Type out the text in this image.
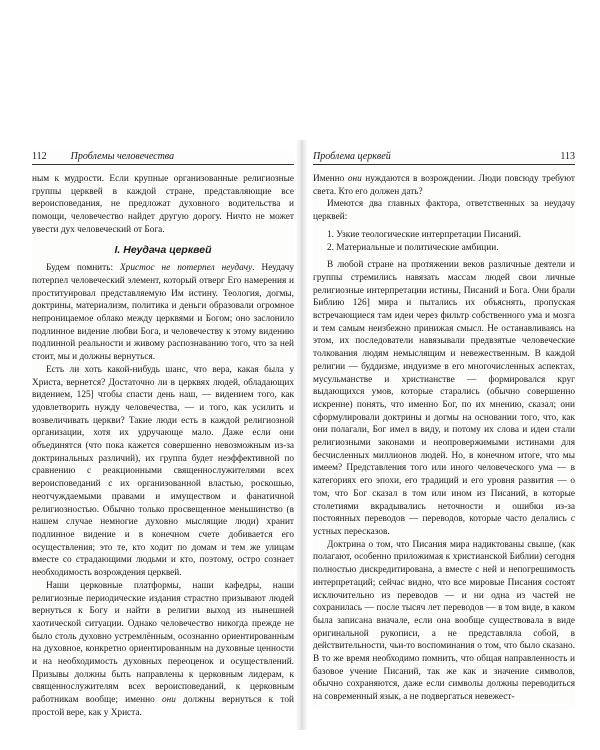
112 Проблемы человечества

ным к мудрости. Если крупные организованные религиозные группы церквей в каждой стране, представляющие все вероисповедания, не предложат духовного водительства и помощи, человечество найдет другую дорогу. Ничто не может увести дух человеческий от Бога.

I. Неудача церквей

Будем помнить: Христос не потерпел неудачу. Неудачу потерпел человеческий элемент, который отверг Его намерения и проституировал представляемую Им истину. Теология, догмы, доктрины, материализм, политика и деньги образовали огромное непроницаемое облако между церквями и Богом; оно заслонило подлинное видение любви Бога, и человечеству к этому видению подлинной реальности и живому распознаванию того, что за ней стоит, мы и должны вернуться.

Есть ли хоть какой-нибудь шанс, что вера, какая была у Христа, вернется? Достаточно ли в церквях людей, обладающих видением, 125] чтобы спасти день наш, — видением того, как удовлетворить нужду человечества, — и того, как усилить и возвеличивать церкви? Такие люди есть в каждой религиозной организации, хотя их удручающе мало. Даже если они объединятся (что пока кажется совершенно невозможным из-за доктринальных различий), их группа будет неэффективной по сравнению с реакционными священнослужителями всех вероисповеданий с их организованной властью, роскошью, неотчуждаемыми правами и имуществом и фанатичной религиозностью. Обычно только просвещенное меньшинство (в нашем случае немногие духовно мыслящие люди) хранит подлинное видение и в конечном счете добивается его осуществления; это те, кто ходит по домам и тем же улицам вместе со страдающими людьми и кто, поэтому, остро сознает необходимость возрождения церквей.

Наши церковные платформы, наши кафедры, наши религиозные периодические издания страстно призывают людей вернуться к Богу и найти в религии выход из нынешней хаотической ситуации. Однако человечество никогда прежде не было столь духовно устремлённым, осознанно ориентированным на духовное, конкретно ориентированным на духовные ценности и на необходимость духовных переоценок и осуществлений. Призывы должны быть направлены к церковным лидерам, к священнослужителям всех вероисповеданий, к церковным работникам вообще; именно они должны вернуться к той простой вере, как у Христа.

Проблема церквей	113

Именно они нуждаются в возрождении. Люди повсюду требуют света. Кто его должен дать?

Имеются два главных фактора, ответственных за неудачу церквей:

1. Узкие теологические интерпретации Писаний.
2. Материальные и политические амбиции.

В любой стране на протяжении веков различные деятели и группы стремились навязать массам людей свои личные религиозные интерпретации истины, Писаний и Бога. Они брали Библию 126] мира и пытались их объяснять, пропуская встречающиеся там идеи через фильтр собственного ума и мозга и тем самым неизбежно принижая смысл. Не останавливаясь на этом, их последователи навязывали предвзятые человеческие толкования людям немыслящим и невежественным. В каждой религии — буддизме, индуизме в его многочисленных аспектах, мусульманстве и христианстве — формировался круг выдающихся умов, которые старались (обычно совершенно искренне) понять, что именно Бог, по их мнению, сказал; они сформулировали доктрины и догмы на основании того, что, как они полагали, Бог имел в виду, и потому их слова и идеи стали религиозными законами и неопровержимыми истинами для бесчисленных миллионов людей. Но, в конечном итоге, что мы имеем? Представления того или иного человеческого ума — в категориях его эпохи, его традиций и его уровня развития — о том, что Бог сказал в том или ином из Писаний, в которые столетиями вкрадывались неточности и ошибки из-за постоянных переводов — переводов, которые часто делались с устных пересказов.

Доктрина о том, что Писания мира надиктованы свыше, (как полагают, особенно приложимая к христианской Библии) сегодня полностью дискредитирована, а вместе с ней и непогрешимость интерпретаций; сейчас видно, что все мировые Писания состоят исключительно из переводов — и ни одна из частей не сохранилась — после тысяч лет переводов — в том виде, в каком была записана вначале, если она вообще существовала в виде оригинальной рукописи, а не представляла собой, в действительности, чьи-то воспоминания о том, что было сказано. В то же время необходимо помнить, что общая направленность и базовое учение Писаний, так же как и значение символов, обычно сохраняются, даже если символы должны переводиться на современный язык, а не подвергаться невежест-
